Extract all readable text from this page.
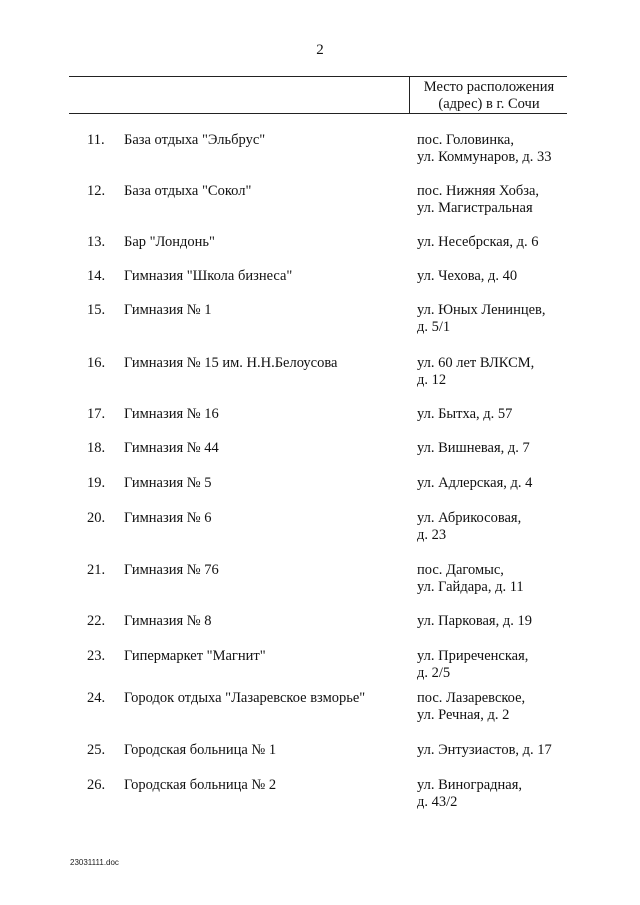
2
Место расположения
(адрес) в г. Сочи
11. База отдыха "Эльбрус"	пос. Головинка,
ул. Коммунаров, д. 33
12. База отдыха "Сокол"	пос. Нижняя Хобза,
ул. Магистральная
13. Бар "Лондонь"	ул. Несебрская, д. 6
14. Гимназия "Школа бизнеса"	ул. Чехова, д. 40
15. Гимназия № 1	ул. Юных Ленинцев,
д. 5/1
16. Гимназия № 15 им. Н.Н.Белоусова	ул. 60 лет ВЛКСМ,
д. 12
17. Гимназия № 16	ул. Бытха, д. 57
18. Гимназия № 44	ул. Вишневая, д. 7
19. Гимназия № 5	ул. Адлерская, д. 4
20. Гимназия № 6	ул. Абрикосовая,
д. 23
21. Гимназия № 76	пос. Дагомыс,
ул. Гайдара, д. 11
22. Гимназия № 8	ул. Парковая, д. 19
23. Гипермаркет "Магнит"	ул. Приреченская,
д. 2/5
24. Городок отдыха "Лазаревское взморье"	пос. Лазаревское,
ул. Речная, д. 2
25. Городская больница № 1	ул. Энтузиастов, д. 17
26. Городская больница № 2	ул. Виноградная,
д. 43/2
23031111.doc
